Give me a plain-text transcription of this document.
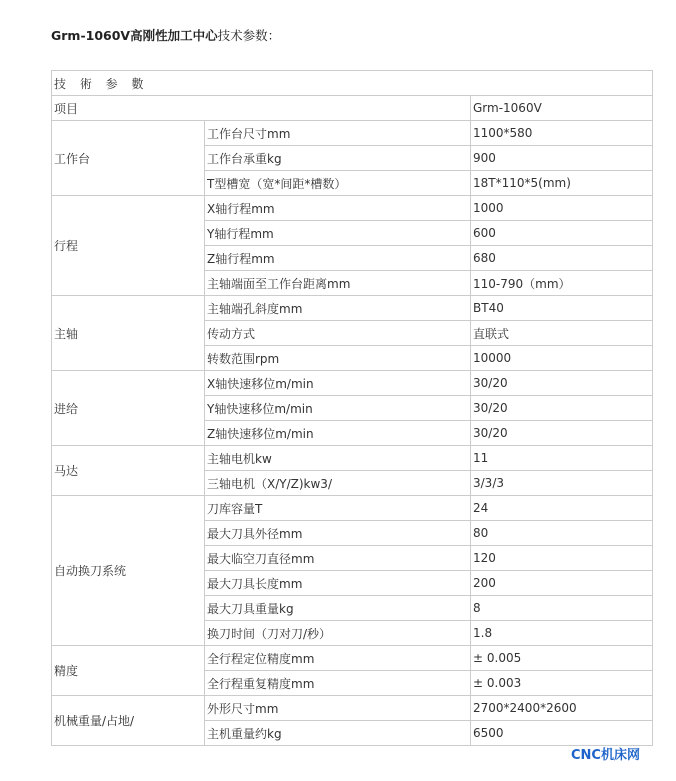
Grm-1060V高刚性加工中心技术参数：
技 術 参 數		
项目		Grm-1060V
工作台	工作台尺寸mm	1100*580
	工作台承重kg	900
	T型槽宽（宽*间距*槽数）	18T*110*5(mm)
行程	X轴行程mm	1000
	Y轴行程mm	600
	Z轴行程mm	680
	主轴端面至工作台距离mm	110-790（mm）
主轴	主轴端孔斜度mm	BT40
	传动方式	直联式
	转数范围rpm	10000
进给	X轴快速移位m/min	30/20
	Y轴快速移位m/min	30/20
	Z轴快速移位m/min	30/20
马达	主轴电机kw	11
	三轴电机（X/Y/Z)kw3/	3/3/3
自动换刀系统	刀库容量T	24
	最大刀具外径mm	80
	最大临空刀直径mm	120
	最大刀具长度mm	200
	最大刀具重量kg	8
	换刀时间（刀对刀/秒）	1.8
精度	全行程定位精度mm	± 0.005
	全行程重复精度mm	± 0.003
机械重量/占地/	外形尺寸mm	2700*2400*2600
	主机重量约kg	6500
CNC机床网
